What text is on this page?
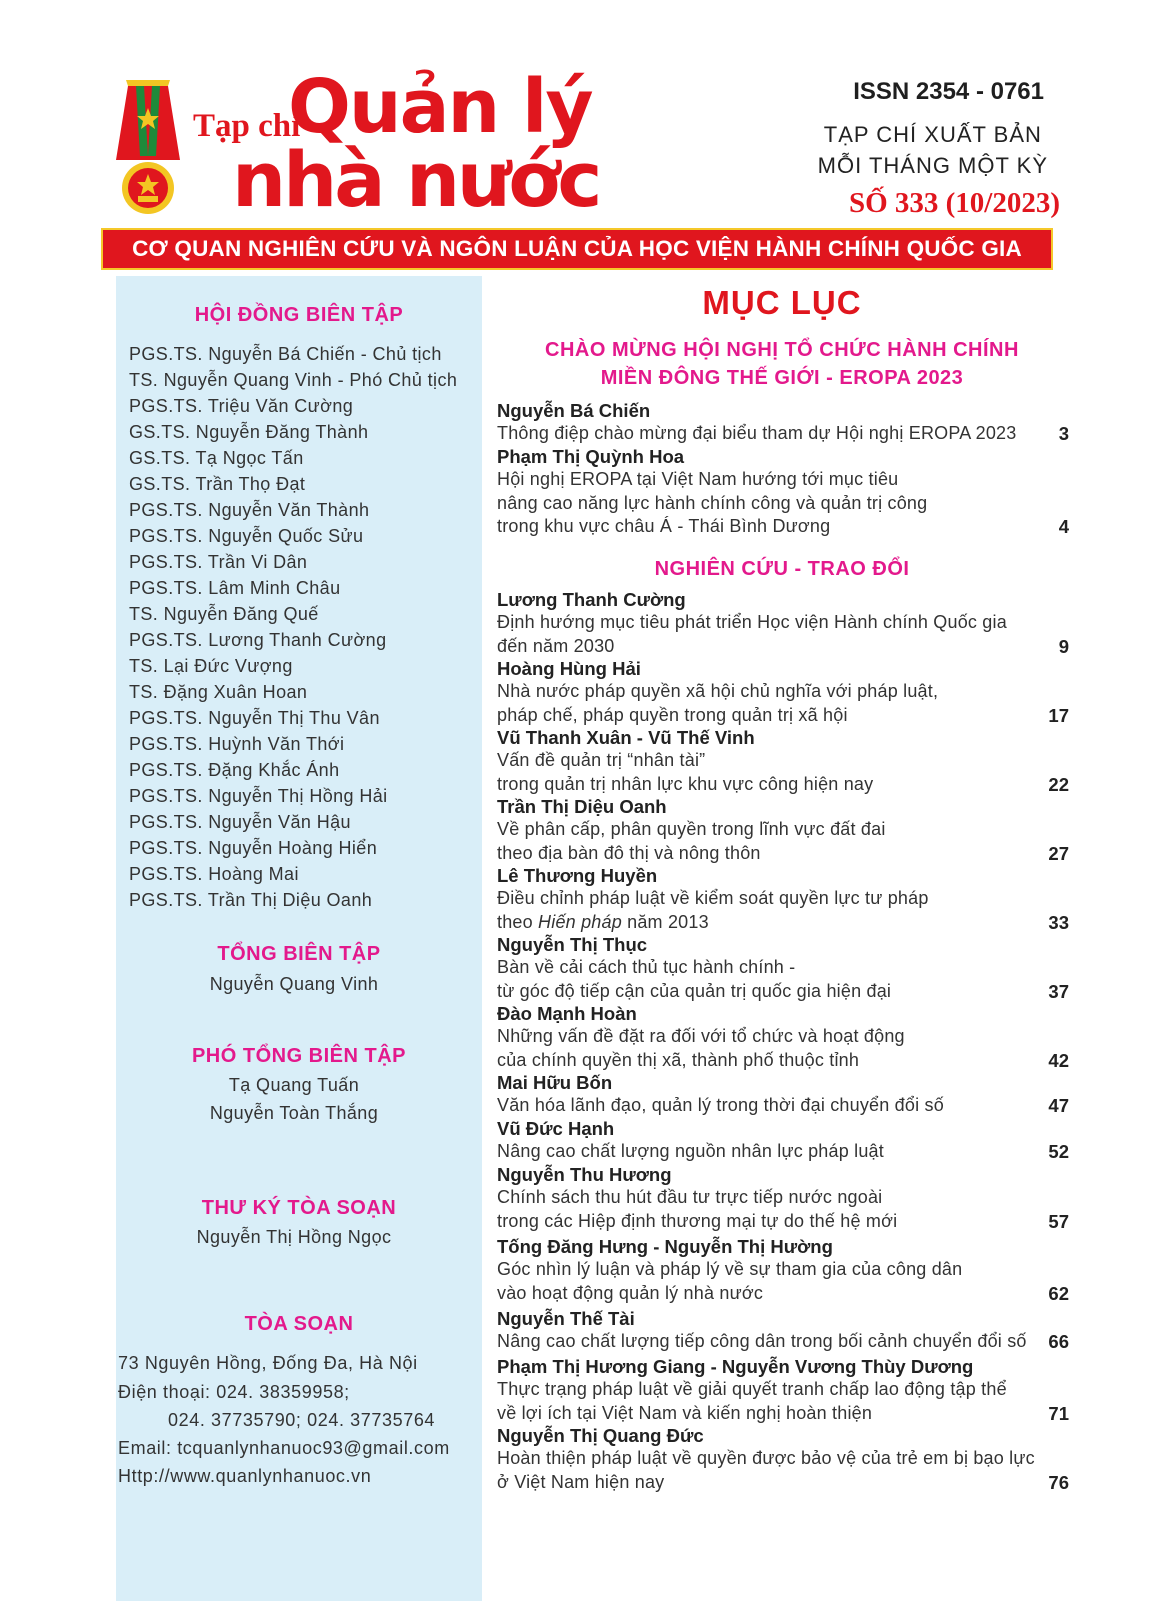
Tạp chí
Quản lý
nhà nước
ISSN 2354 - 0761
TẠP CHÍ XUẤT BẢN
MỖI THÁNG MỘT KỲ
SỐ 333 (10/2023)
CƠ QUAN NGHIÊN CỨU VÀ NGÔN LUẬN CỦA HỌC VIỆN HÀNH CHÍNH QUỐC GIA
HỘI ĐỒNG BIÊN TẬP
PGS.TS. Nguyễn Bá Chiến - Chủ tịch
TS. Nguyễn Quang Vinh - Phó Chủ tịch
PGS.TS. Triệu Văn Cường
GS.TS. Nguyễn Đăng Thành
GS.TS. Tạ Ngọc Tấn
GS.TS. Trần Thọ Đạt
PGS.TS. Nguyễn Văn Thành
PGS.TS. Nguyễn Quốc Sửu
PGS.TS. Trần Vi Dân
PGS.TS. Lâm Minh Châu
TS. Nguyễn Đăng Quế
PGS.TS. Lương Thanh Cường
TS. Lại Đức Vượng
TS. Đặng Xuân Hoan
PGS.TS. Nguyễn Thị Thu Vân
PGS.TS. Huỳnh Văn Thới
PGS.TS. Đặng Khắc Ánh
PGS.TS. Nguyễn Thị Hồng Hải
PGS.TS. Nguyễn Văn Hậu
PGS.TS. Nguyễn Hoàng Hiển
PGS.TS. Hoàng Mai
PGS.TS. Trần Thị Diệu Oanh
TỔNG BIÊN TẬP
Nguyễn Quang Vinh
PHÓ TỔNG BIÊN TẬP
Tạ Quang Tuấn
Nguyễn Toàn Thắng
THƯ KÝ TÒA SOẠN
Nguyễn Thị Hồng Ngọc
TÒA SOẠN
73 Nguyên Hồng, Đống Đa, Hà Nội
Điện thoại: 024. 38359958;
024. 37735790; 024. 37735764
Email: tcquanlynhanuoc93@gmail.com
Http://www.quanlynhanuoc.vn
MỤC LỤC
CHÀO MỪNG HỘI NGHỊ TỔ CHỨC HÀNH CHÍNH
MIỀN ĐÔNG THẾ GIỚI - EROPA 2023
NGHIÊN CỨU - TRAO ĐỔI
Nguyễn Bá Chiến
Thông điệp chào mừng đại biểu tham dự Hội nghị EROPA 2023 3
Phạm Thị Quỳnh Hoa
Hội nghị EROPA tại Việt Nam hướng tới mục tiêu
nâng cao năng lực hành chính công và quản trị công
trong khu vực châu Á - Thái Bình Dương	4
Lương Thanh Cường
Định hướng mục tiêu phát triển Học viện Hành chính Quốc gia
đến năm 2030	9
Hoàng Hùng Hải
Nhà nước pháp quyền xã hội chủ nghĩa với pháp luật,
pháp chế, pháp quyền trong quản trị xã hội	17
Vũ Thanh Xuân - Vũ Thế Vinh
Vấn đề quản trị “nhân tài”
trong quản trị nhân lực khu vực công hiện nay	22
Trần Thị Diệu Oanh
Về phân cấp, phân quyền trong lĩnh vực đất đai
theo địa bàn đô thị và nông thôn	27
Lê Thương Huyền
Điều chỉnh pháp luật về kiểm soát quyền lực tư pháp
theo Hiến pháp năm 2013	33
Nguyễn Thị Thục
Bàn về cải cách thủ tục hành chính -
từ góc độ tiếp cận của quản trị quốc gia hiện đại	37
Đào Mạnh Hoàn
Những vấn đề đặt ra đối với tổ chức và hoạt động
của chính quyền thị xã, thành phố thuộc tỉnh	42
Mai Hữu Bốn
Văn hóa lãnh đạo, quản lý trong thời đại chuyển đổi số	47
Vũ Đức Hạnh
Nâng cao chất lượng nguồn nhân lực pháp luật	52
Nguyễn Thu Hương
Chính sách thu hút đầu tư trực tiếp nước ngoài
trong các Hiệp định thương mại tự do thế hệ mới	57
Tống Đăng Hưng - Nguyễn Thị Hường
Góc nhìn lý luận và pháp lý về sự tham gia của công dân
vào hoạt động quản lý nhà nước	62
Nguyễn Thế Tài
Nâng cao chất lượng tiếp công dân trong bối cảnh chuyển đổi số 66
Phạm Thị Hương Giang - Nguyễn Vương Thùy Dương
Thực trạng pháp luật về giải quyết tranh chấp lao động tập thể
về lợi ích tại Việt Nam và kiến nghị hoàn thiện	71
Nguyễn Thị Quang Đức
Hoàn thiện pháp luật về quyền được bảo vệ của trẻ em bị bạo lực
ở Việt Nam hiện nay	76
